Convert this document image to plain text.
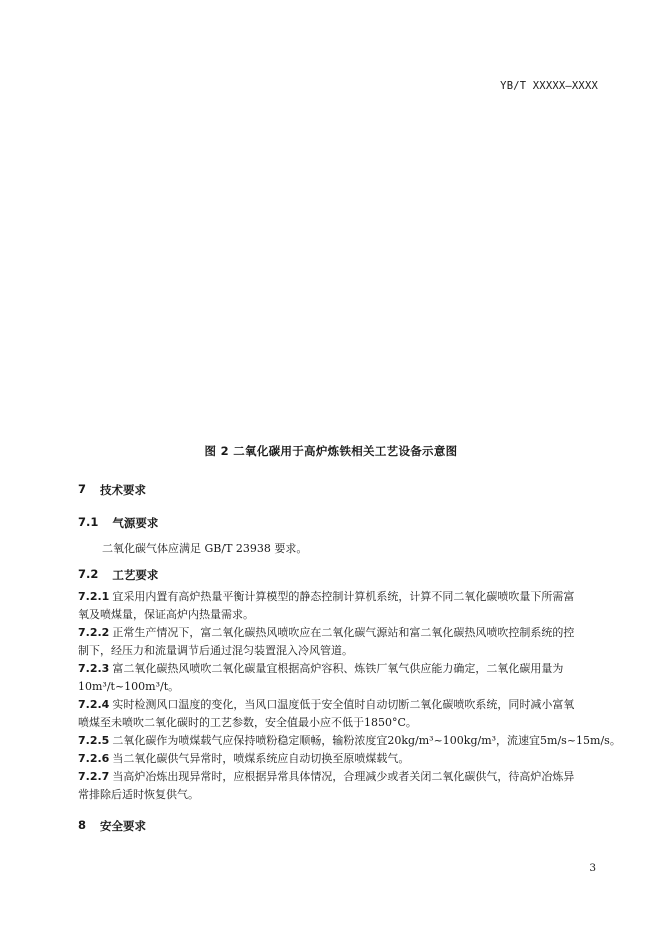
YB/T XXXXX—XXXX
图 2 二氧化碳用于高炉炼铁相关工艺设备示意图
7 技术要求
7.1 气源要求
二氧化碳气体应满足 GB/T 23938 要求。
7.2 工艺要求
7.2.1 宜采用内置有高炉热量平衡计算模型的静态控制计算机系统，计算不同二氧化碳喷吹量下所需富
氧及喷煤量，保证高炉内热量需求。
7.2.2 正常生产情况下，富二氧化碳热风喷吹应在二氧化碳气源站和富二氧化碳热风喷吹控制系统的控
制下，经压力和流量调节后通过混匀装置混入冷风管道。
7.2.3 富二氧化碳热风喷吹二氧化碳量宜根据高炉容积、炼铁厂氧气供应能力确定，二氧化碳用量为
10m³/t~100m³/t。
7.2.4 实时检测风口温度的变化，当风口温度低于安全值时自动切断二氧化碳喷吹系统，同时减小富氧
喷煤至未喷吹二氧化碳时的工艺参数，安全值最小应不低于1850°C。
7.2.5 二氧化碳作为喷煤载气应保持喷粉稳定顺畅，输粉浓度宜20kg/m³~100kg/m³，流速宜5m/s~15m/s。
7.2.6 当二氧化碳供气异常时，喷煤系统应自动切换至原喷煤载气。
7.2.7 当高炉冶炼出现异常时，应根据异常具体情况，合理减少或者关闭二氧化碳供气，待高炉冶炼异
常排除后适时恢复供气。
8 安全要求
3
